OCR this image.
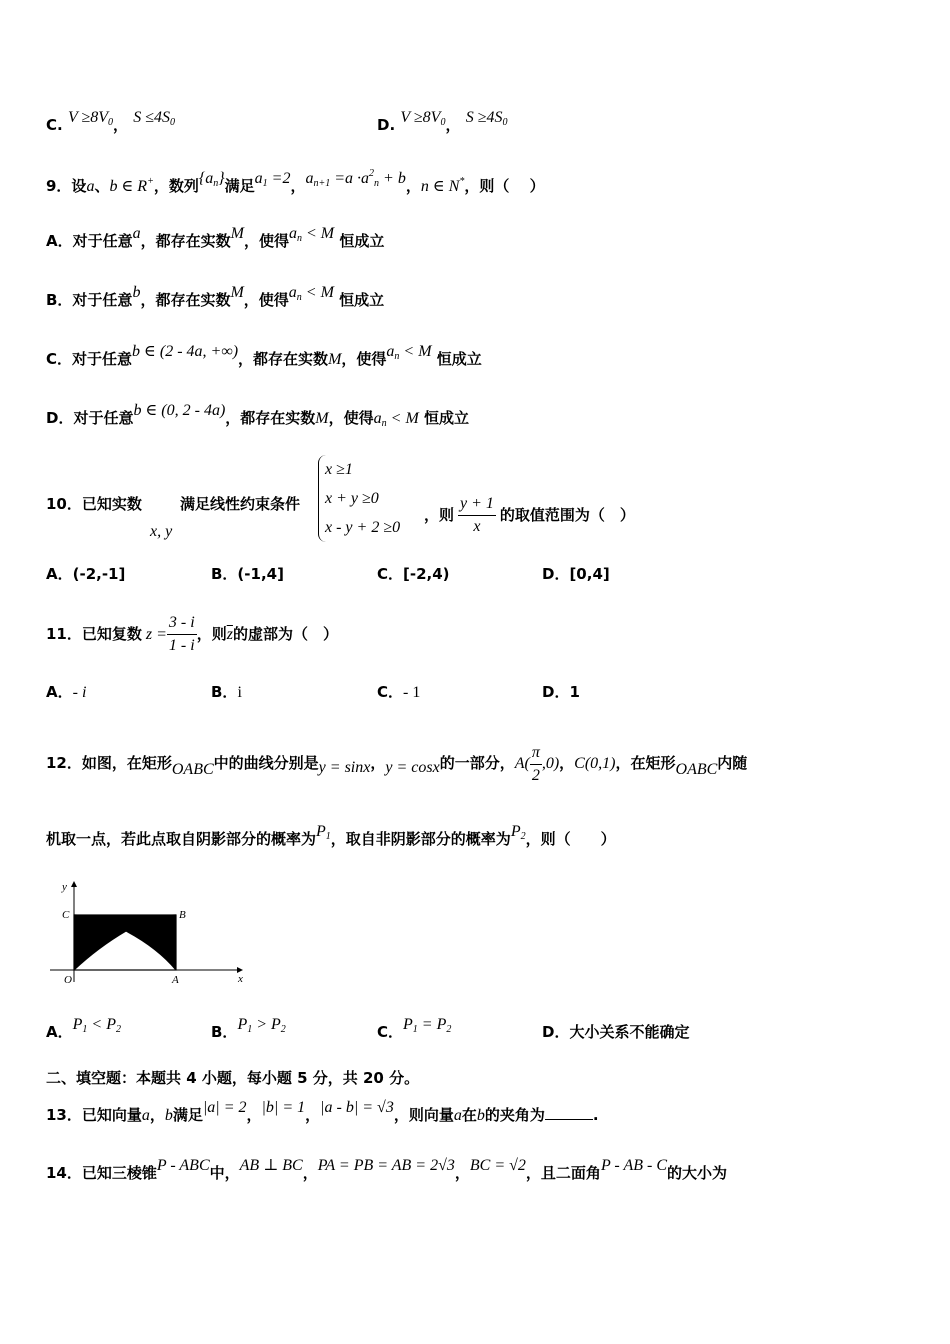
C. $V \ge 8V_0$， $S \le 4S_0$	D. $V \ge 8V_0$， $S \ge 4S_0$
9．设a、b ∈ R+，数列$\{a_n\}$满足$a_1 =2$，$a_{n+1} =a \cdot a^2_n + b$，n ∈ N*，则（　 ）
A．对于任意a，都存在实数M，使得$a_n < M$ 恒成立
B．对于任意b，都存在实数M，使得$a_n < M$ 恒成立
C．对于任意b ∈ (2 - 4a, +∞)，都存在实数M，使得$a_n < M$ 恒成立
D．对于任意b ∈ (0, 2 - 4a)，都存在实数M，使得$a_n < M$ 恒成立
10．已知实数
x, y
满足线性约束条件
x ≥1
x + y ≥0
x - y + 2 ≥0
，则 $\frac{y + 1}{x}$ 的取值范围为（　）
A．(-2,-1]	B．(-1,4]	C．[-2,4)	D．[0,4]
11．已知复数 $z = \frac{3 - i}{1 - i}$ ，则$\overline{z}$的虚部为（　）
A．- i	B．i	C．- 1	D．1
12．如图，在矩形OABC中的曲线分别是y = sinx，y = cosx的一部分，$A( \frac{\pi}{2} ,0)$，C(0,1)，在矩形OABC内随
机取一点，若此点取自阴影部分的概率为$P_1$，取自非阴影部分的概率为$P_2$，则（　　）
y
C	B
O	A	x
A．$P_1 < P_2$	B．$P_1 > P_2$	C．$P_1 = P_2$	D．大小关系不能确定
二、填空题：本题共 4 小题，每小题 5 分，共 20 分。
13．已知向量a，b满足|a| = 2，|b| = 1，|a - b| = √3，则向量a在b的夹角为	.
14．已知三棱锥P - ABC中，AB ⊥ BC，PA = PB = AB = 2√3，BC = √2，且二面角P - AB - C的大小为
